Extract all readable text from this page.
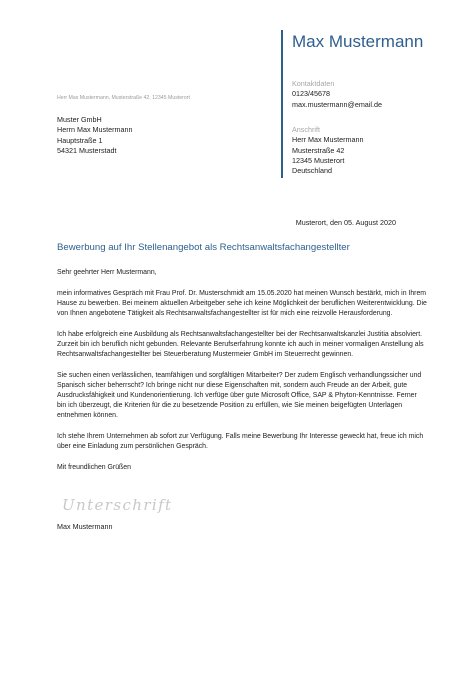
Max Mustermann
Kontaktdaten
0123/45678
max.mustermann@email.de
Anschrift
Herr Max Mustermann
Musterstraße 42
12345 Musterort
Deutschland
Herr Max Mustermann, Musterstraße 42, 12345 Musterort
Muster GmbH
Herrn Max Mustermann
Hauptstraße 1
54321 Musterstadt
Musterort, den 05. August 2020
Bewerbung auf Ihr Stellenangebot als Rechtsanwaltsfachangestellter

Sehr geehrter Herr Mustermann,

mein informatives Gespräch mit Frau Prof. Dr. Musterschmidt am 15.05.2020 hat meinen Wunsch bestärkt, mich in Ihrem Hause zu bewerben. Bei meinem aktuellen Arbeitgeber sehe ich keine Möglichkeit der beruflichen Weiterentwicklung. Die von Ihnen angebotene Tätigkeit als Rechtsanwaltsfachangestellter ist für mich eine reizvolle Herausforderung.

Ich habe erfolgreich eine Ausbildung als Rechtsanwaltsfachangestellter bei der Rechtsanwaltskanzlei Justitia absolviert. Zurzeit bin ich beruflich nicht gebunden. Relevante Berufserfahrung konnte ich auch in meiner vormaligen Anstellung als Rechtsanwaltsfachangestellter bei Steuerberatung Mustermeier GmbH im Steuerrecht gewinnen.

Sie suchen einen verlässlichen, teamfähigen und sorgfältigen Mitarbeiter? Der zudem Englisch verhandlungssicher und Spanisch sicher beherrscht? Ich bringe nicht nur diese Eigenschaften mit, sondern auch Freude an der Arbeit, gute Ausdrucksfähigkeit und Kundenorientierung. Ich verfüge über gute Microsoft Office, SAP & Phyton-Kenntnisse. Ferner bin ich überzeugt, die Kriterien für die zu besetzende Position zu erfüllen, wie Sie meinen beigefügten Unterlagen entnehmen können.

Ich stehe Ihrem Unternehmen ab sofort zur Verfügung. Falls meine Bewerbung Ihr Interesse geweckt hat, freue ich mich über eine Einladung zum persönlichen Gespräch.

Mit freundlichen Grüßen

Unterschrift
Max Mustermann
